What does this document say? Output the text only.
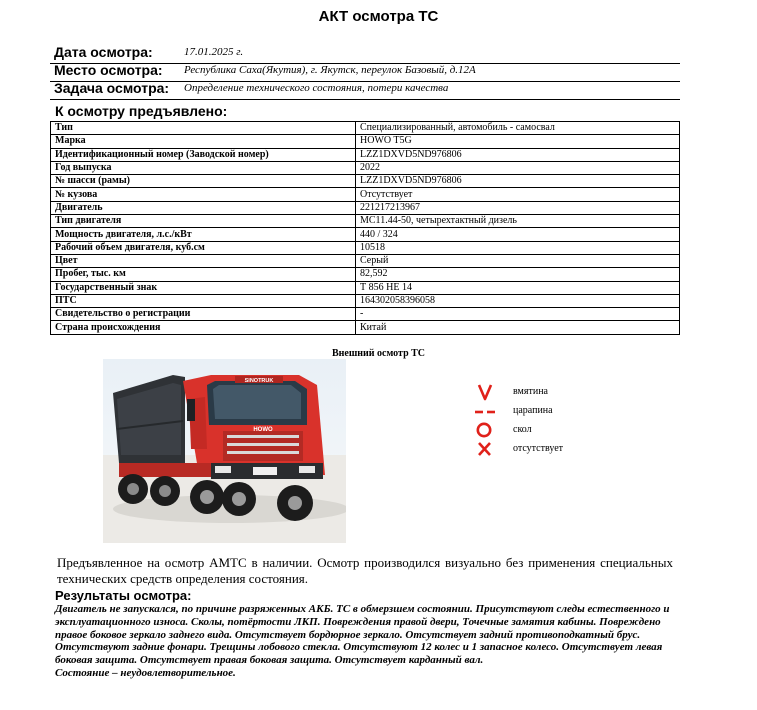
АКТ осмотра ТС
Дата осмотра:	17.01.2025 г.
Место осмотра: Республика Саха(Якутия), г. Якутск, переулок Базовый, д.12А
Задача осмотра: Определение технического состояния, потери качества
К осмотру предъявлено:
Тип	Специализированный, автомобиль - самосвал
Марка	HOWO T5G
Идентификационный номер (Заводской номер)	LZZ1DXVD5ND976806
Год выпуска	2022
№ шасси (рамы)	LZZ1DXVD5ND976806
№ кузова	Отсутствует
Двигатель	221217213967
Тип двигателя	MC11.44-50, четырехтактный дизель
Мощность двигателя, л.с./кВт	440 / 324
Рабочий объем двигателя, куб.см	10518
Цвет	Серый
Пробег, тыс. км	82,592
Государственный знак	Т 856 НЕ 14
ПТС	164302058396058
Свидетельство о регистрации	-
Страна происхождения	Китай
Внешний осмотр ТС
SINOTRUK
HOWO
вмятина
царапина
скол
отсутствует
Предъявленное на осмотр АМТС в наличии. Осмотр производился визуально без применения специальных технических средств определения состояния.
Результаты осмотра:

Двигатель не запускался, по причине разряженных АКБ. ТС в обмерзшем состоянии. Присутствуют следы естественного и эксплуатационного износа. Сколы, потёртости ЛКП. Повреждения правой двери, Точечные замятия кабины. Повреждено правое боковое зеркало заднего вида. Отсутствует бордюрное зеркало. Отсутствует задний противоподкатный брус. Отсутствуют задние фонари. Трещины лобового стекла. Отсутствуют 12 колес и 1 запасное колесо. Отсутствует левая боковая защита. Отсутствует правая боковая защита. Отсутствует карданный вал.

Состояние – неудовлетворительное.
